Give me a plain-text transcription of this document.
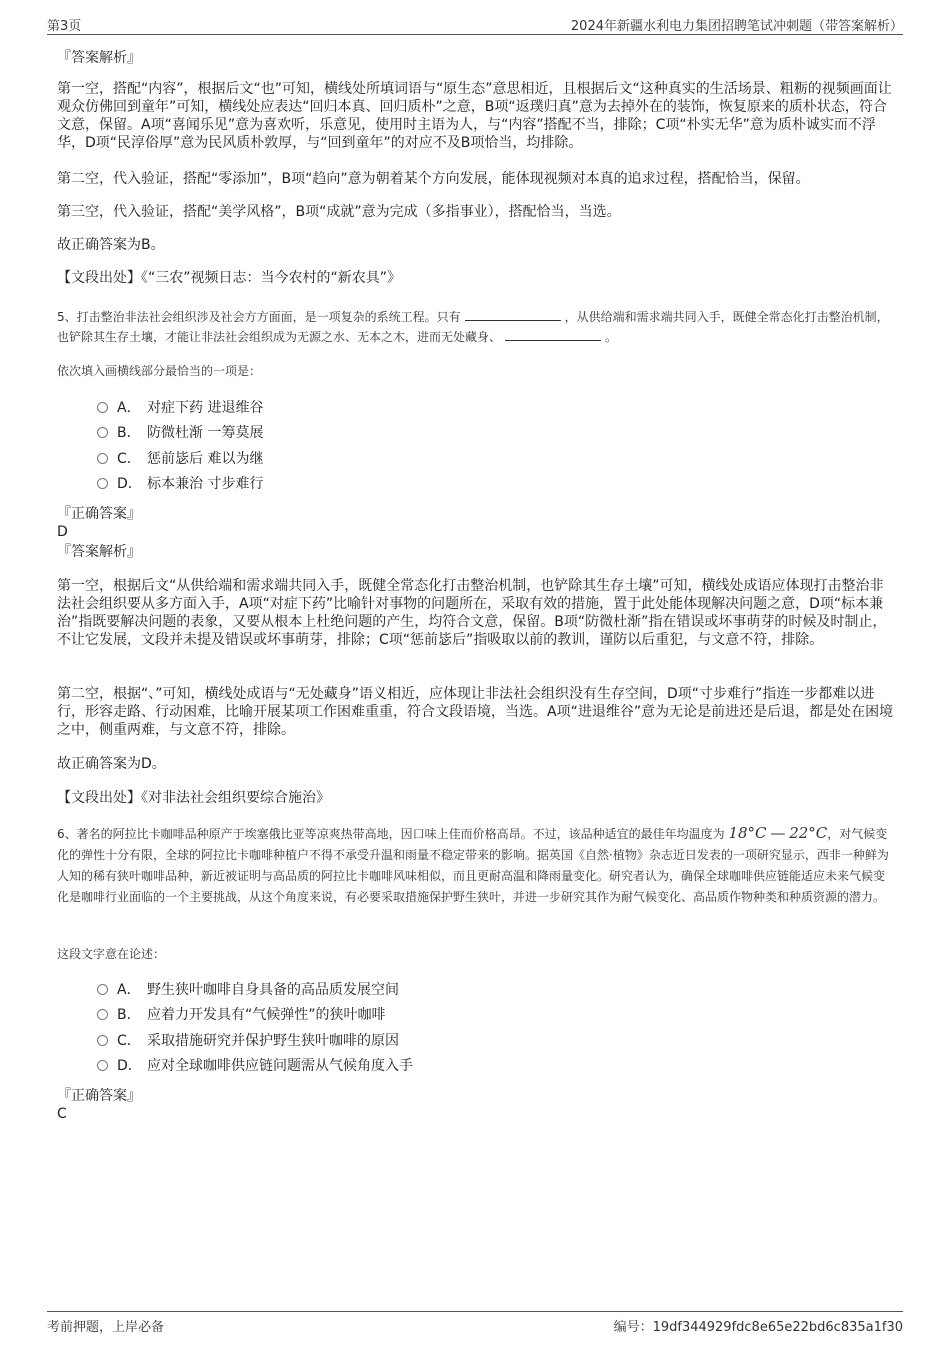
第3页	2024年新疆水利电力集团招聘笔试冲刺题（带答案解析）
『答案解析』
第一空，搭配“内容”，根据后文“也”可知，横线处所填词语与“原生态”意思相近，且根据后文“这种真实的生活场景、粗粝的视频画面让观众仿佛回到童年”可知，横线处应表达“回归本真、回归质朴”之意，B项“返璞归真”意为去掉外在的装饰，恢复原来的质朴状态，符合文意，保留。A项“喜闻乐见”意为喜欢听，乐意见，使用时主语为人，与“内容”搭配不当，排除；C项“朴实无华”意为质朴诚实而不浮华，D项“民淳俗厚”意为民风质朴敦厚，与“回到童年”的对应不及B项恰当，均排除。
第二空，代入验证，搭配“零添加”，B项“趋向”意为朝着某个方向发展，能体现视频对本真的追求过程，搭配恰当，保留。
第三空，代入验证，搭配“美学风格”，B项“成就”意为完成（多指事业），搭配恰当，当选。
故正确答案为B。
【文段出处】《“三农”视频日志：当今农村的“新农具”》
5、打击整治非法社会组织涉及社会方方面面，是一项复杂的系统工程。只有	，从供给端和需求端共同入手，既健全常态化打击整治机制，也铲除其生存土壤，才能让非法社会组织成为无源之水、无本之木，进而无处藏身、	。
依次填入画横线部分最恰当的一项是：
A． 对症下药 进退维谷
B． 防微杜渐 一筹莫展
C． 惩前毖后 难以为继
D． 标本兼治 寸步难行
『正确答案』
D
『答案解析』
第一空，根据后文“从供给端和需求端共同入手，既健全常态化打击整治机制，也铲除其生存土壤”可知，横线处成语应体现打击整治非法社会组织要从多方面入手，A项“对症下药”比喻针对事物的问题所在，采取有效的措施，置于此处能体现解决问题之意，D项“标本兼治”指既要解决问题的表象，又要从根本上杜绝问题的产生，均符合文意，保留。B项“防微杜渐”指在错误或坏事萌芽的时候及时制止，不让它发展，文段并未提及错误或坏事萌芽，排除；C项“惩前毖后”指吸取以前的教训，谨防以后重犯，与文意不符，排除。
第二空，根据“、”可知，横线处成语与“无处藏身”语义相近，应体现让非法社会组织没有生存空间，D项“寸步难行”指连一步都难以进行，形容走路、行动困难，比喻开展某项工作困难重重，符合文段语境，当选。A项“进退维谷”意为无论是前进还是后退，都是处在困境之中，侧重两难，与文意不符，排除。
故正确答案为D。
【文段出处】《对非法社会组织要综合施治》
6、著名的阿拉比卡咖啡品种原产于埃塞俄比亚等凉爽热带高地，因口味上佳而价格高昂。不过，该品种适宜的最佳年均温度为 18°C — 22°C，对气候变化的弹性十分有限，全球的阿拉比卡咖啡种植户不得不承受升温和雨量不稳定带来的影响。据英国《自然·植物》杂志近日发表的一项研究显示，西非一种鲜为人知的稀有狭叶咖啡品种，新近被证明与高品质的阿拉比卡咖啡风味相似，而且更耐高温和降雨量变化。研究者认为，确保全球咖啡供应链能适应未来气候变化是咖啡行业面临的一个主要挑战，从这个角度来说，有必要采取措施保护野生狭叶，并进一步研究其作为耐气候变化、高品质作物种类和种质资源的潜力。
这段文字意在论述：
A． 野生狭叶咖啡自身具备的高品质发展空间
B． 应着力开发具有“气候弹性”的狭叶咖啡
C． 采取措施研究并保护野生狭叶咖啡的原因
D． 应对全球咖啡供应链问题需从气候角度入手
『正确答案』
C
考前押题，上岸必备	编号：19df344929fdc8e65e22bd6c835a1f30
